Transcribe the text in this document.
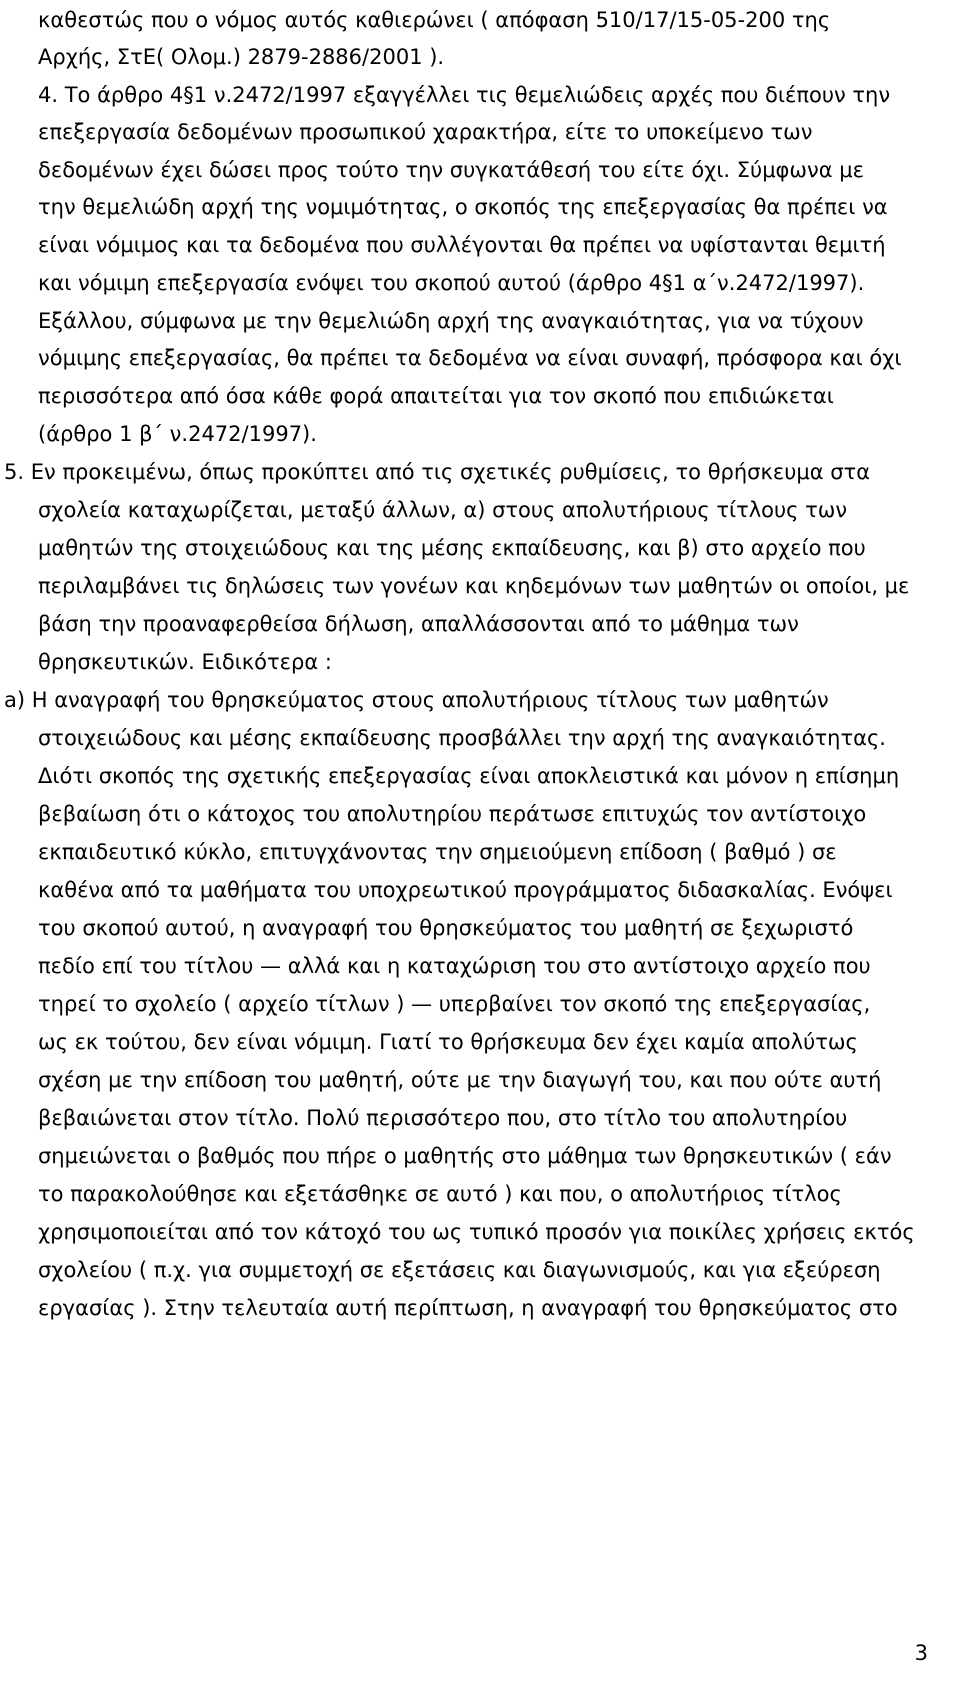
καθεστώς που ο νόμος αυτός καθιερώνει ( απόφαση 510/17/15-05-200 της
Αρχής, ΣτΕ( Ολομ.) 2879-2886/2001 ).
4. Το άρθρο 4§1 ν.2472/1997 εξαγγέλλει τις θεμελιώδεις αρχές που διέπουν την
επεξεργασία δεδομένων προσωπικού χαρακτήρα, είτε το υποκείμενο των
δεδομένων έχει δώσει προς τούτο την συγκατάθεσή του είτε όχι. Σύμφωνα με
την θεμελιώδη αρχή της νομιμότητας, ο σκοπός της επεξεργασίας θα πρέπει να
είναι νόμιμος και τα δεδομένα που συλλέγονται θα πρέπει να υφίστανται θεμιτή
και νόμιμη επεξεργασία ενόψει του σκοπού αυτού (άρθρο 4§1 α΄ν.2472/1997).
Εξάλλου, σύμφωνα με την θεμελιώδη αρχή της αναγκαιότητας, για να τύχουν
νόμιμης επεξεργασίας, θα πρέπει τα δεδομένα να είναι συναφή, πρόσφορα και όχι
περισσότερα από όσα κάθε φορά απαιτείται για τον σκοπό που επιδιώκεται
(άρθρο 1 β΄ ν.2472/1997).
5. Εν προκειμένω, όπως προκύπτει από τις σχετικές ρυθμίσεις, το θρήσκευμα στα
σχολεία καταχωρίζεται, μεταξύ άλλων, α) στους απολυτήριους τίτλους των
μαθητών της στοιχειώδους και της μέσης εκπαίδευσης, και β) στο αρχείο που
περιλαμβάνει τις δηλώσεις των γονέων και κηδεμόνων των μαθητών οι οποίοι, με
βάση την προαναφερθείσα δήλωση, απαλλάσσονται από το μάθημα των
θρησκευτικών. Ειδικότερα :
a) Η αναγραφή του θρησκεύματος στους απολυτήριους τίτλους των μαθητών
στοιχειώδους και μέσης εκπαίδευσης προσβάλλει την αρχή της αναγκαιότητας.
Διότι σκοπός της σχετικής επεξεργασίας είναι αποκλειστικά και μόνον η επίσημη
βεβαίωση ότι ο κάτοχος του απολυτηρίου περάτωσε επιτυχώς τον αντίστοιχο
εκπαιδευτικό κύκλο, επιτυγχάνοντας την σημειούμενη επίδοση ( βαθμό ) σε
καθένα από τα μαθήματα του υποχρεωτικού προγράμματος διδασκαλίας. Ενόψει
του σκοπού αυτού, η αναγραφή του θρησκεύματος του μαθητή σε ξεχωριστό
πεδίο επί του τίτλου — αλλά και η καταχώριση του στο αντίστοιχο αρχείο που
τηρεί το σχολείο ( αρχείο τίτλων ) — υπερβαίνει τον σκοπό της επεξεργασίας,
ως εκ τούτου, δεν είναι νόμιμη. Γιατί το θρήσκευμα δεν έχει καμία απολύτως
σχέση με την επίδοση του μαθητή, ούτε με την διαγωγή του, και που ούτε αυτή
βεβαιώνεται στον τίτλο. Πολύ περισσότερο που, στο τίτλο του απολυτηρίου
σημειώνεται ο βαθμός που πήρε ο μαθητής στο μάθημα των θρησκευτικών ( εάν
το παρακολούθησε και εξετάσθηκε σε αυτό ) και που, ο απολυτήριος τίτλος
χρησιμοποιείται από τον κάτοχό του ως τυπικό προσόν για ποικίλες χρήσεις εκτός
σχολείου ( π.χ. για συμμετοχή σε εξετάσεις και διαγωνισμούς, και για εξεύρεση
εργασίας ). Στην τελευταία αυτή περίπτωση, η αναγραφή του θρησκεύματος στο
3
